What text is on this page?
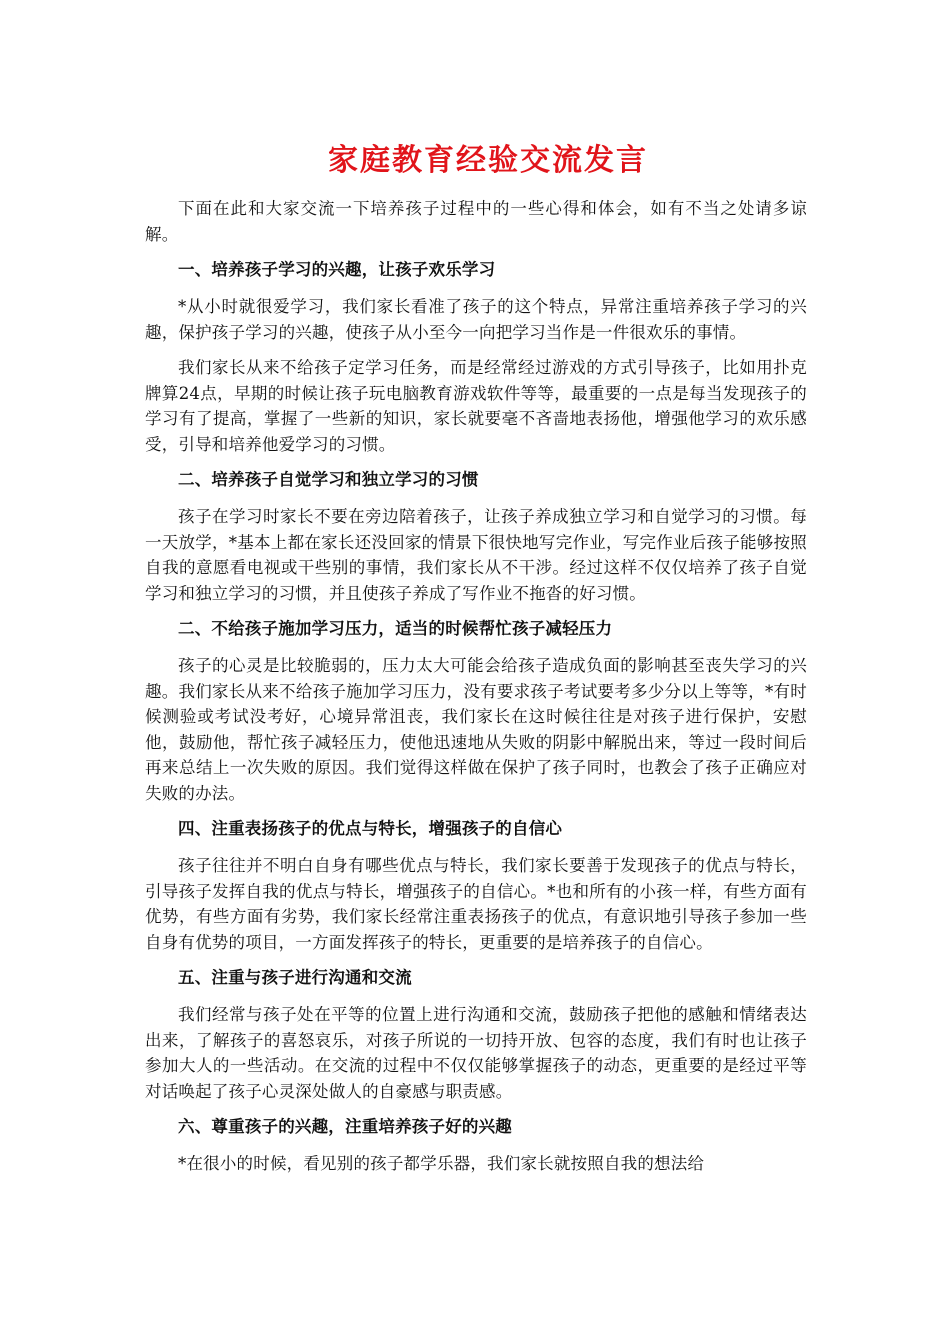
家庭教育经验交流发言

下面在此和大家交流一下培养孩子过程中的一些心得和体会，如有不当之处请多谅解。

一、培养孩子学习的兴趣，让孩子欢乐学习

*从小时就很爱学习，我们家长看准了孩子的这个特点，异常注重培养孩子学习的兴趣，保护孩子学习的兴趣，使孩子从小至今一向把学习当作是一件很欢乐的事情。

我们家长从来不给孩子定学习任务，而是经常经过游戏的方式引导孩子，比如用扑克牌算24点，早期的时候让孩子玩电脑教育游戏软件等等，最重要的一点是每当发现孩子的学习有了提高，掌握了一些新的知识，家长就要毫不吝啬地表扬他，增强他学习的欢乐感受，引导和培养他爱学习的习惯。

二、培养孩子自觉学习和独立学习的习惯

孩子在学习时家长不要在旁边陪着孩子，让孩子养成独立学习和自觉学习的习惯。每一天放学，*基本上都在家长还没回家的情景下很快地写完作业，写完作业后孩子能够按照自我的意愿看电视或干些别的事情，我们家长从不干涉。经过这样不仅仅培养了孩子自觉学习和独立学习的习惯，并且使孩子养成了写作业不拖沓的好习惯。

二、不给孩子施加学习压力，适当的时候帮忙孩子减轻压力

孩子的心灵是比较脆弱的，压力太大可能会给孩子造成负面的影响甚至丧失学习的兴趣。我们家长从来不给孩子施加学习压力，没有要求孩子考试要考多少分以上等等，*有时候测验或考试没考好，心境异常沮丧，我们家长在这时候往往是对孩子进行保护，安慰他，鼓励他，帮忙孩子减轻压力，使他迅速地从失败的阴影中解脱出来，等过一段时间后再来总结上一次失败的原因。我们觉得这样做在保护了孩子同时，也教会了孩子正确应对失败的办法。

四、注重表扬孩子的优点与特长，增强孩子的自信心

孩子往往并不明白自身有哪些优点与特长，我们家长要善于发现孩子的优点与特长，引导孩子发挥自我的优点与特长，增强孩子的自信心。*也和所有的小孩一样，有些方面有优势，有些方面有劣势，我们家长经常注重表扬孩子的优点，有意识地引导孩子参加一些自身有优势的项目，一方面发挥孩子的特长，更重要的是培养孩子的自信心。

五、注重与孩子进行沟通和交流

我们经常与孩子处在平等的位置上进行沟通和交流，鼓励孩子把他的感触和情绪表达出来，了解孩子的喜怒哀乐，对孩子所说的一切持开放、包容的态度，我们有时也让孩子参加大人的一些活动。在交流的过程中不仅仅能够掌握孩子的动态，更重要的是经过平等对话唤起了孩子心灵深处做人的自豪感与职责感。

六、尊重孩子的兴趣，注重培养孩子好的兴趣

*在很小的时候，看见别的孩子都学乐器，我们家长就按照自我的想法给
